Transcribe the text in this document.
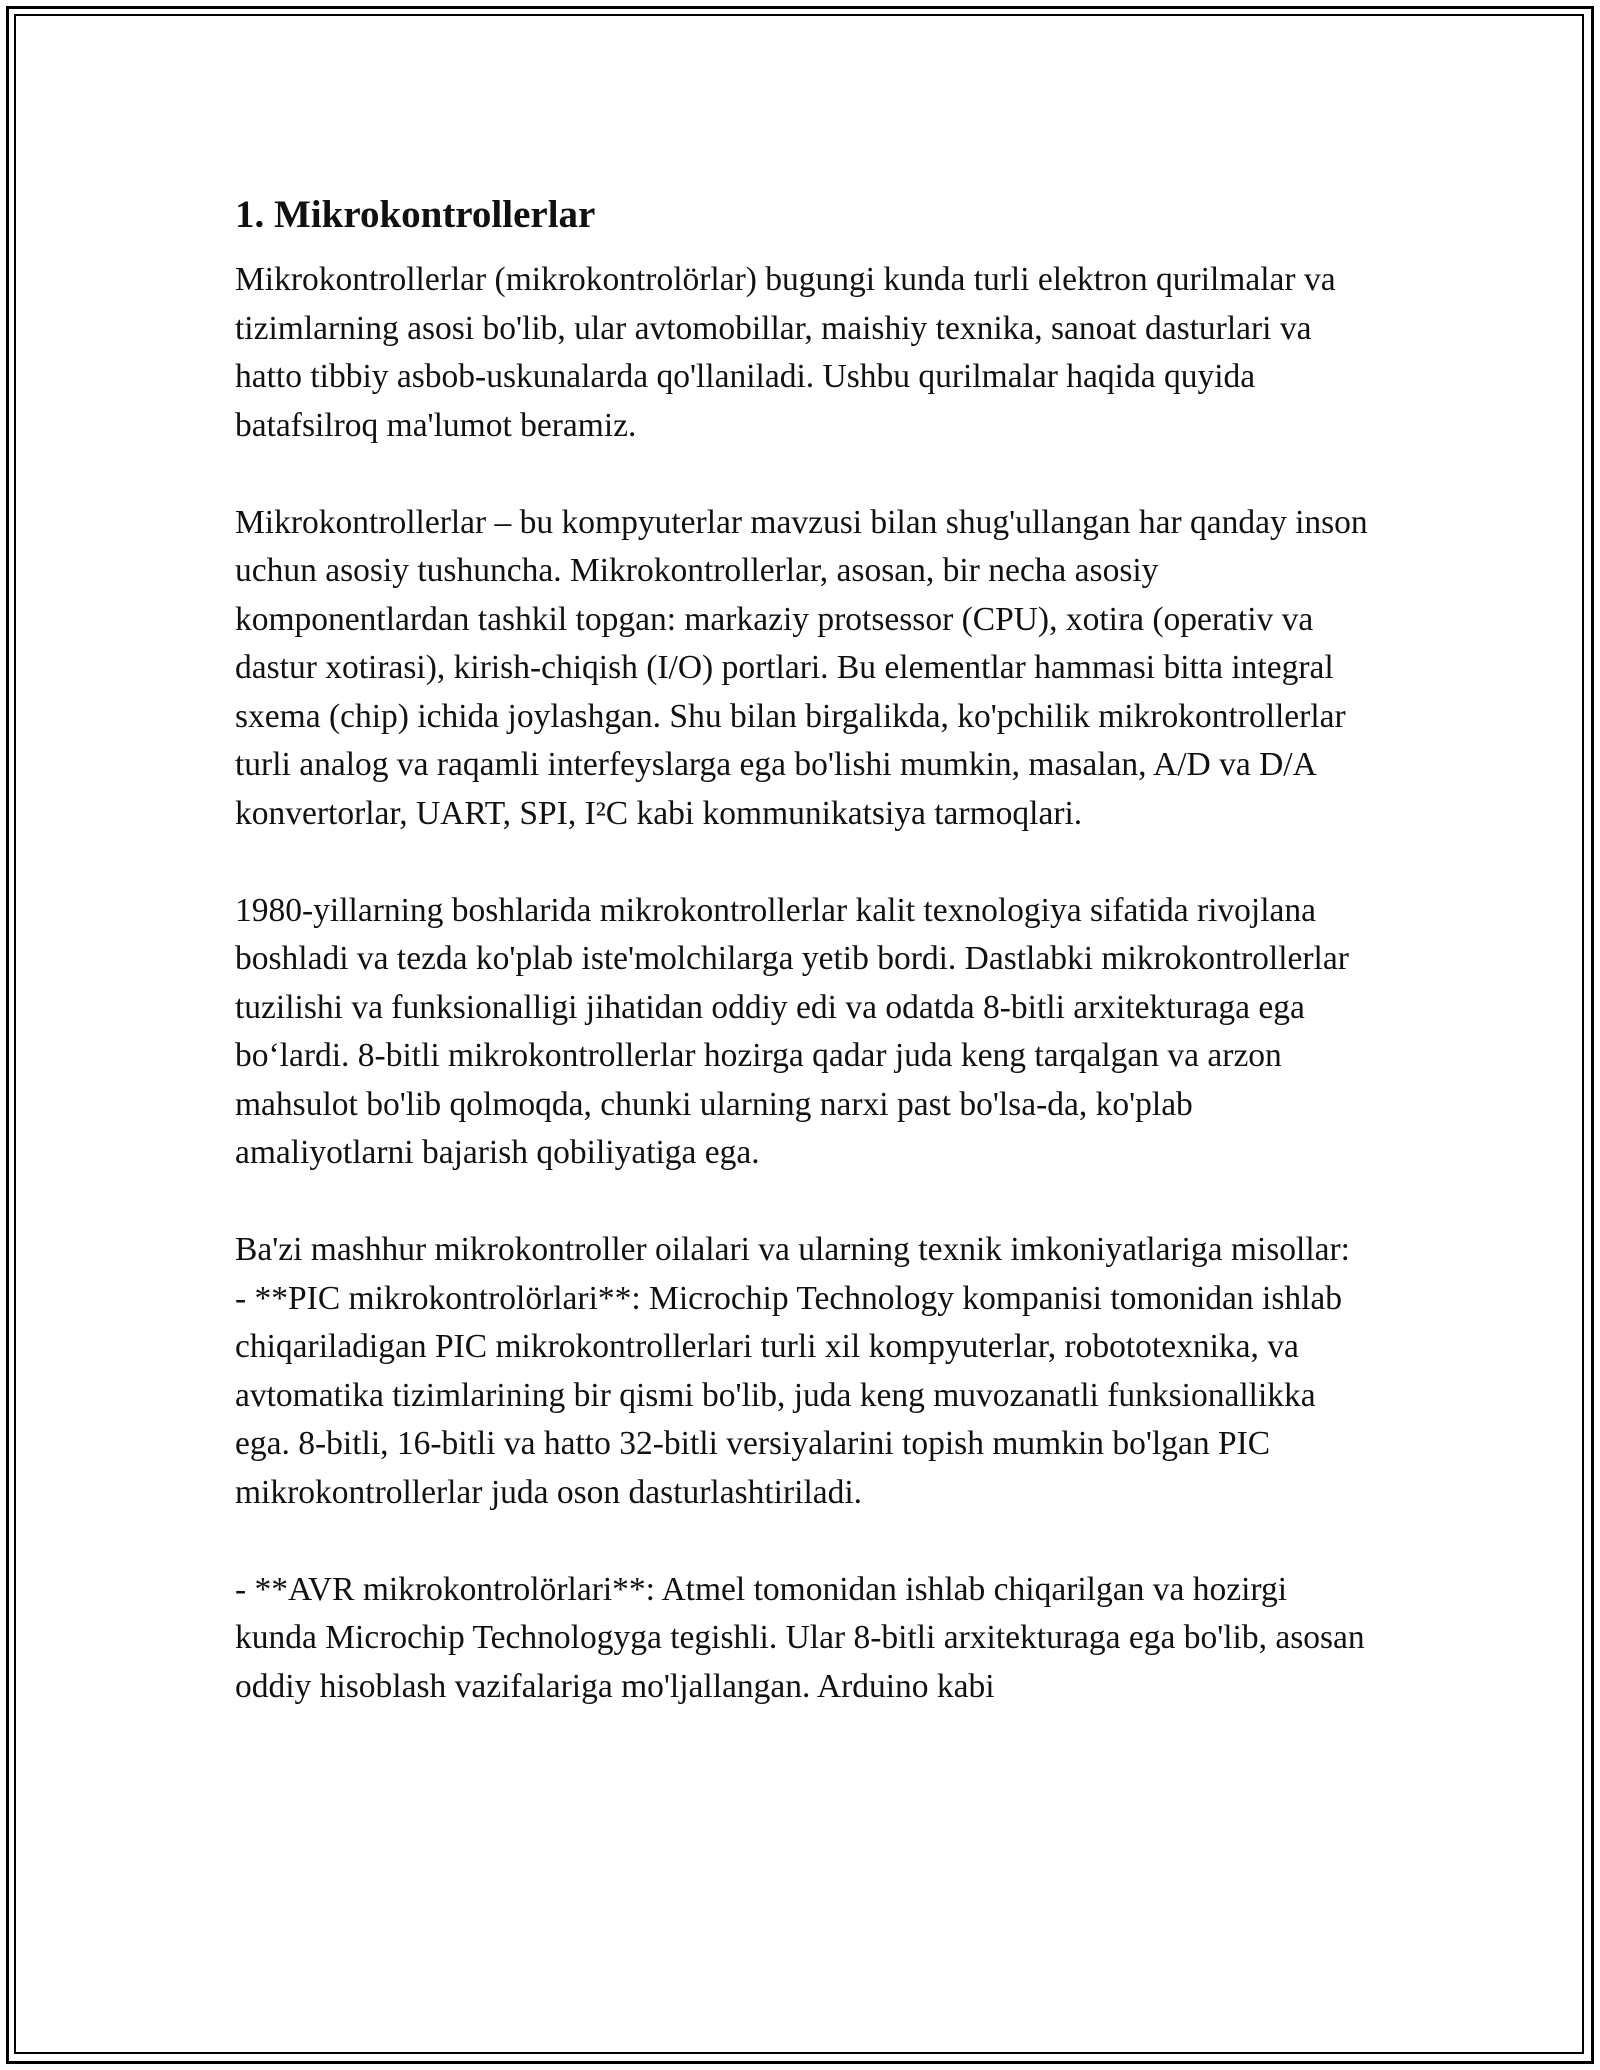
1. Mikrokontrollerlar

Mikrokontrollerlar (mikrokontrolörlar) bugungi kunda turli elektron qurilmalar va tizimlarning asosi bo'lib, ular avtomobillar, maishiy texnika, sanoat dasturlari va hatto tibbiy asbob-uskunalarda qo'llaniladi. Ushbu qurilmalar haqida quyida batafsilroq ma'lumot beramiz.

Mikrokontrollerlar – bu kompyuterlar mavzusi bilan shug'ullangan har qanday inson uchun asosiy tushuncha. Mikrokontrollerlar, asosan, bir necha asosiy komponentlardan tashkil topgan: markaziy protsessor (CPU), xotira (operativ va dastur xotirasi), kirish-chiqish (I/O) portlari. Bu elementlar hammasi bitta integral sxema (chip) ichida joylashgan. Shu bilan birgalikda, ko'pchilik mikrokontrollerlar turli analog va raqamli interfeyslarga ega bo'lishi mumkin, masalan, A/D va D/A konvertorlar, UART, SPI, I²C kabi kommunikatsiya tarmoqlari.

1980-yillarning boshlarida mikrokontrollerlar kalit texnologiya sifatida rivojlana boshladi va tezda ko'plab iste'molchilarga yetib bordi. Dastlabki mikrokontrollerlar tuzilishi va funksionalligi jihatidan oddiy edi va odatda 8-bitli arxitekturaga ega bo‘lardi. 8-bitli mikrokontrollerlar hozirga qadar juda keng tarqalgan va arzon mahsulot bo'lib qolmoqda, chunki ularning narxi past bo'lsa-da, ko'plab amaliyotlarni bajarish qobiliyatiga ega.

Ba'zi mashhur mikrokontroller oilalari va ularning texnik imkoniyatlariga misollar:

- **PIC mikrokontrolörlari**: Microchip Technology kompanisi tomonidan ishlab chiqariladigan PIC mikrokontrollerlari turli xil kompyuterlar, robototexnika, va avtomatika tizimlarining bir qismi bo'lib, juda keng muvozanatli funksionallikka ega. 8-bitli, 16-bitli va hatto 32-bitli versiyalarini topish mumkin bo'lgan PIC mikrokontrollerlar juda oson dasturlashtiriladi.

- **AVR mikrokontrolörlari**: Atmel tomonidan ishlab chiqarilgan va hozirgi kunda Microchip Technologyga tegishli. Ular 8-bitli arxitekturaga ega bo'lib, asosan oddiy hisoblash vazifalariga mo'ljallangan. Arduino kabi
